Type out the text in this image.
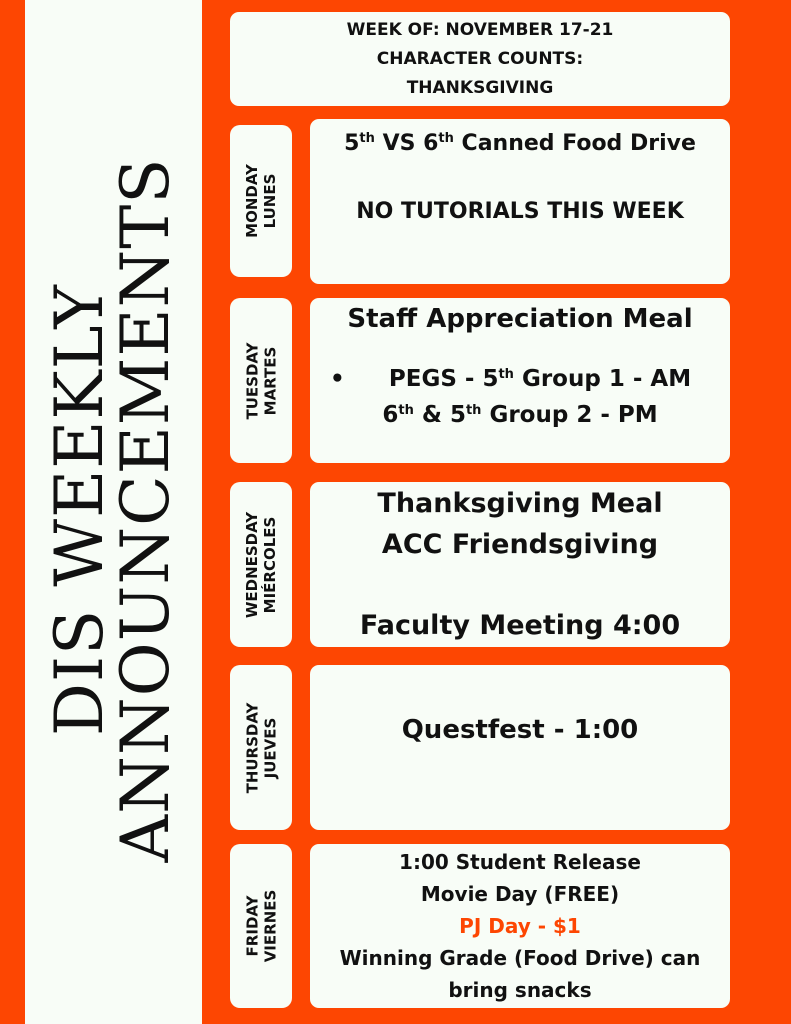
DIS WEEKLY
ANNOUNCEMENTS
WEEK OF: NOVEMBER 17-21
CHARACTER COUNTS:
THANKSGIVING
MONDAY LUNES
5th VS 6th Canned Food Drive
NO TUTORIALS THIS WEEK
TUESDAY MARTES
Staff Appreciation Meal
• PEGS - 5th Group 1 - AM
6th & 5th Group 2 - PM
WEDNESDAY MIÉRCOLES
Thanksgiving Meal
ACC Friendsgiving
Faculty Meeting 4:00
THURSDAY JUEVES	Questfest - 1:00
FRIDAY VIERNES
1:00 Student Release
Movie Day (FREE)
PJ Day - $1
Winning Grade (Food Drive) can bring snacks
